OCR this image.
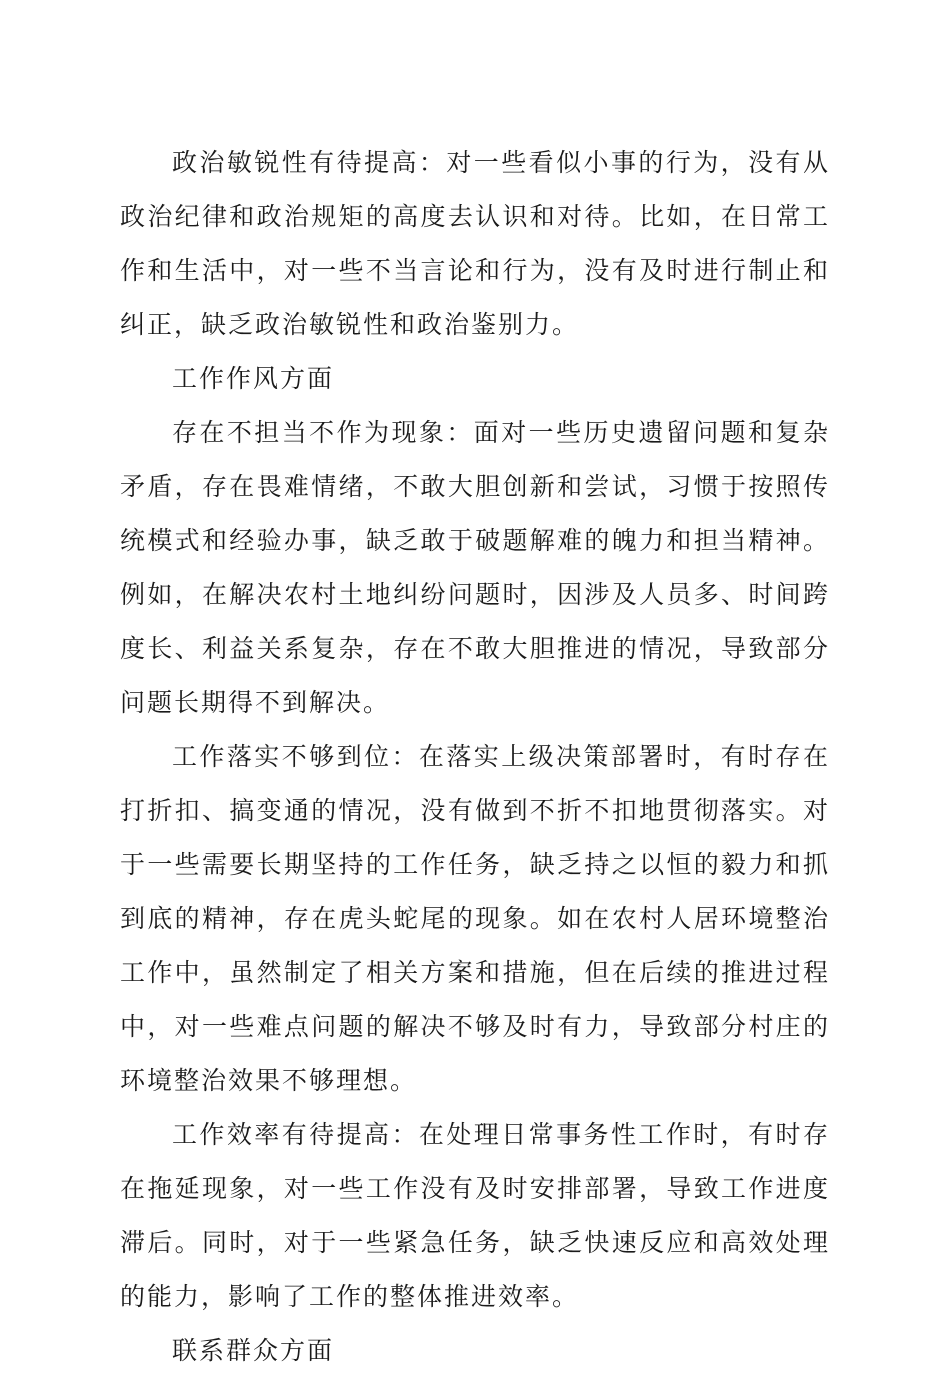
政治敏锐性有待提高：对一些看似小事的行为，没有从政治纪律和政治规矩的高度去认识和对待。比如，在日常工作和生活中，对一些不当言论和行为，没有及时进行制止和纠正，缺乏政治敏锐性和政治鉴别力。

工作作风方面

存在不担当不作为现象：面对一些历史遗留问题和复杂矛盾，存在畏难情绪，不敢大胆创新和尝试，习惯于按照传统模式和经验办事，缺乏敢于破题解难的魄力和担当精神。例如，在解决农村土地纠纷问题时，因涉及人员多、时间跨度长、利益关系复杂，存在不敢大胆推进的情况，导致部分问题长期得不到解决。

工作落实不够到位：在落实上级决策部署时，有时存在打折扣、搞变通的情况，没有做到不折不扣地贯彻落实。对于一些需要长期坚持的工作任务，缺乏持之以恒的毅力和抓到底的精神，存在虎头蛇尾的现象。如在农村人居环境整治工作中，虽然制定了相关方案和措施，但在后续的推进过程中，对一些难点问题的解决不够及时有力，导致部分村庄的环境整治效果不够理想。

工作效率有待提高：在处理日常事务性工作时，有时存在拖延现象，对一些工作没有及时安排部署，导致工作进度滞后。同时，对于一些紧急任务，缺乏快速反应和高效处理的能力，影响了工作的整体推进效率。

联系群众方面
